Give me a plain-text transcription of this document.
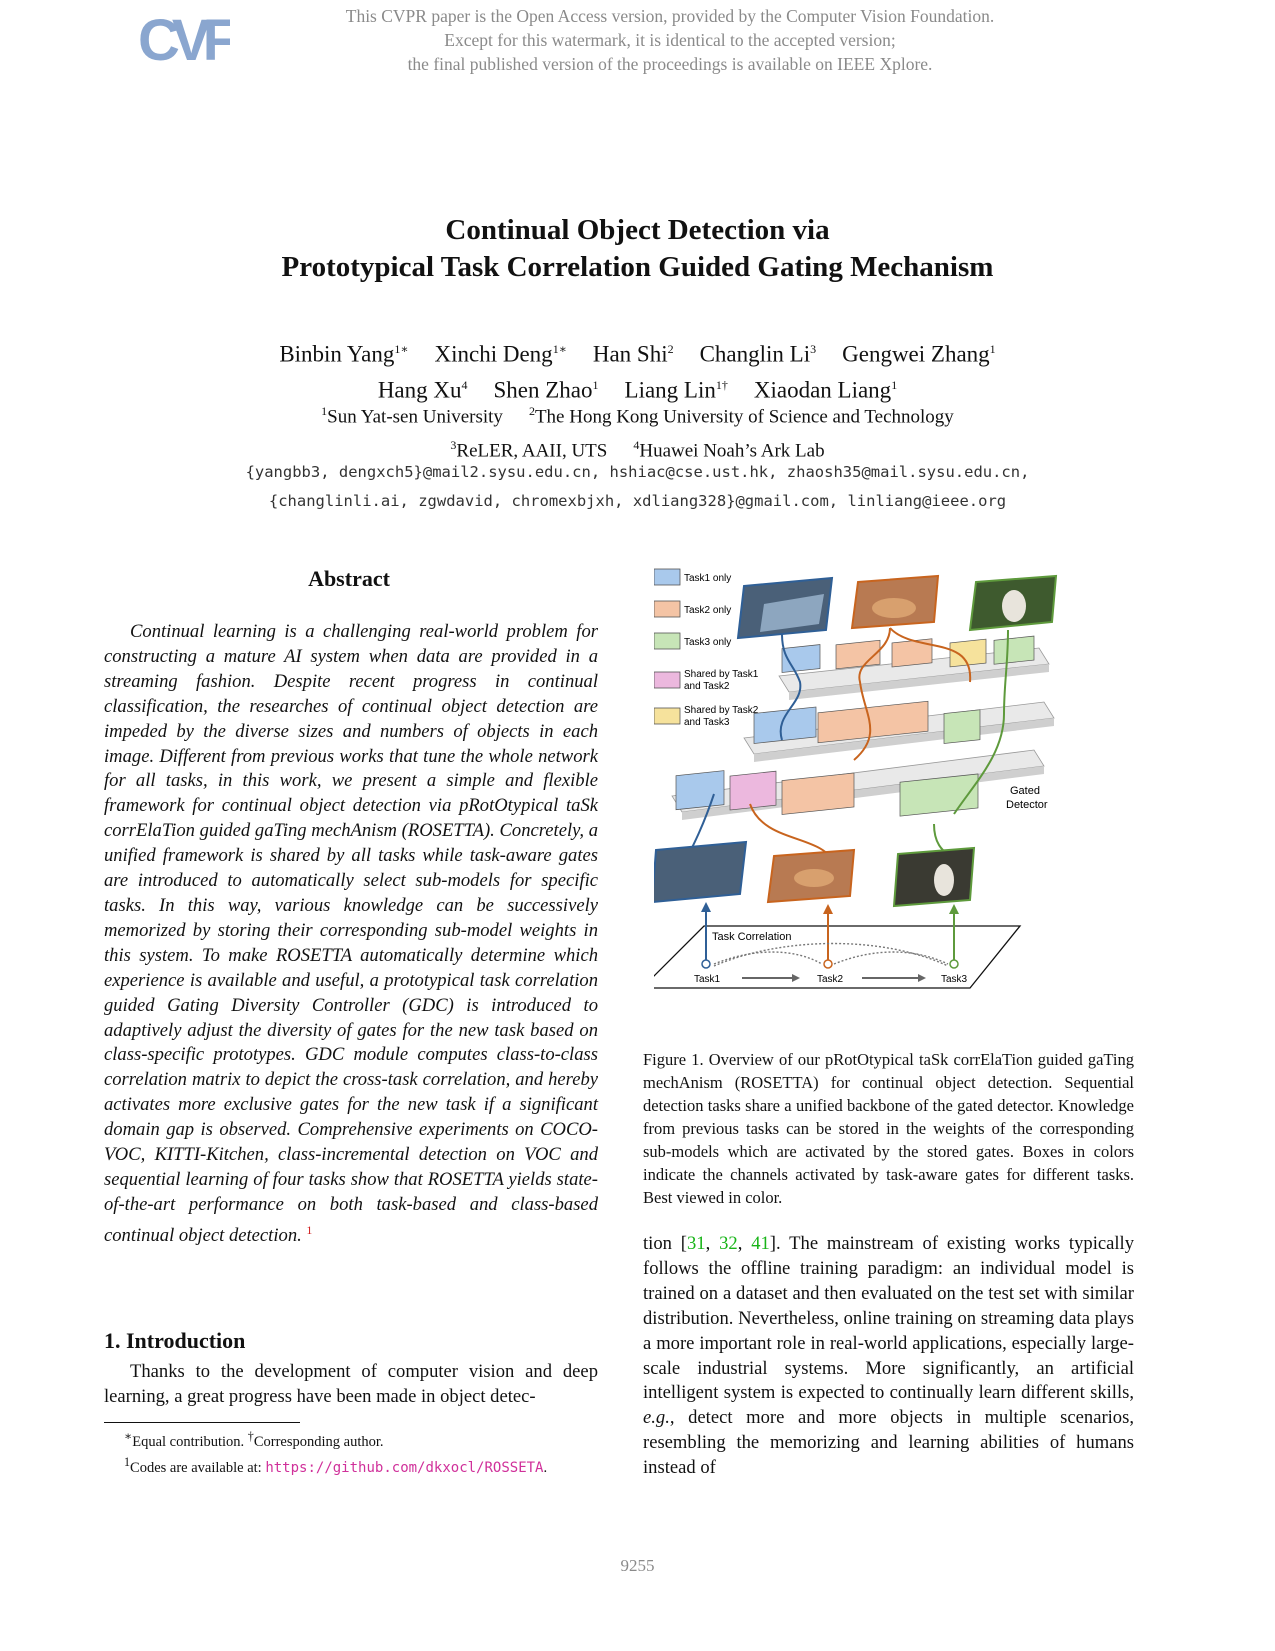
CVF	This CVPR paper is the Open Access version, provided by the Computer Vision Foundation.
Except for this watermark, it is identical to the accepted version;
the final published version of the proceedings is available on IEEE Xplore.
Continual Object Detection via
Prototypical Task Correlation Guided Gating Mechanism
Binbin Yang$^{1∗}$ Xinchi Deng$^{1∗}$ Han Shi$^2$ Changlin Li$^3$ Gengwei Zhang$^1$
Hang Xu$^4$ Shen Zhao$^1$ Liang Lin$^{1\dagger}$ Xiaodan Liang$^1$
$^1$Sun Yat-sen University $^2$The Hong Kong University of Science and Technology
$^3$ReLER, AAII, UTS $^4$Huawei Noah’s Ark Lab
{yangbb3, dengxch5}@mail2.sysu.edu.cn, hshiac@cse.ust.hk, zhaosh35@mail.sysu.edu.cn,
{changlinli.ai, zgwdavid, chromexbjxh, xdliang328}@gmail.com, linliang@ieee.org
Abstract
Continual learning is a challenging real-world problem for constructing a mature AI system when data are provided in a streaming fashion. Despite recent progress in continual classification, the researches of continual object detection are impeded by the diverse sizes and numbers of objects in each image. Different from previous works that tune the whole network for all tasks, in this work, we present a simple and flexible framework for continual object detection via pRotOtypical taSk corrElaTion guided gaTing mechAnism (ROSETTA). Concretely, a unified framework is shared by all tasks while task-aware gates are introduced to automatically select sub-models for specific tasks. In this way, various knowledge can be successively memorized by storing their corresponding sub-model weights in this system. To make ROSETTA automatically determine which experience is available and useful, a prototypical task correlation guided Gating Diversity Controller (GDC) is introduced to adaptively adjust the diversity of gates for the new task based on class-specific prototypes. GDC module computes class-to-class correlation matrix to depict the cross-task correlation, and hereby activates more exclusive gates for the new task if a significant domain gap is observed. Comprehensive experiments on COCO-VOC, KITTI-Kitchen, class-incremental detection on VOC and sequential learning of four tasks show that ROSETTA yields state-of-the-art performance on both task-based and class-based continual object detection. $^1$
1. Introduction
Thanks to the development of computer vision and deep learning, a great progress have been made in object detec-
∗Equal contribution. †Corresponding author.
$^1$Codes are available at: https://github.com/dkxocl/ROSSETA.
Task1 only
Task2 only
Task3 only
Shared by Task1
and Task2
Shared by Task2
and Task3
Gated
Detector
Task Correlation
Task1	Task2	Task3
Figure 1. Overview of our pRotOtypical taSk corrElaTion guided gaTing mechAnism (ROSETTA) for continual object detection. Sequential detection tasks share a unified backbone of the gated detector. Knowledge from previous tasks can be stored in the weights of the corresponding sub-models which are activated by the stored gates. Boxes in colors indicate the channels activated by task-aware gates for different tasks. Best viewed in color.
tion [31, 32, 41]. The mainstream of existing works typically follows the offline training paradigm: an individual model is trained on a dataset and then evaluated on the test set with similar distribution. Nevertheless, online training on streaming data plays a more important role in real-world applications, especially large-scale industrial systems. More significantly, an artificial intelligent system is expected to continually learn different skills, e.g., detect more and more objects in multiple scenarios, resembling the memorizing and learning abilities of humans instead of
9255
